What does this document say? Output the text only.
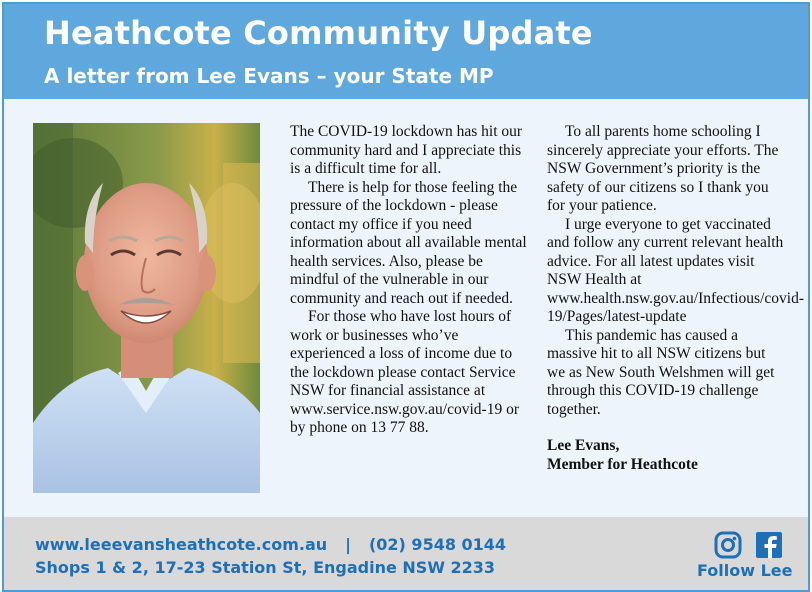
Heathcote Community Update
A letter from Lee Evans – your State MP

The COVID-19 lockdown has hit our community hard and I appreciate this is a difficult time for all.

There is help for those feeling the pressure of the lockdown - please contact my office if you need information about all available mental health services. Also, please be mindful of the vulnerable in our community and reach out if needed.

For those who have lost hours of work or businesses who’ve experienced a loss of income due to the lockdown please contact Service NSW for financial assistance at www.service.nsw.gov.au/covid-19 or by phone on 13 77 88.

To all parents home schooling I sincerely appreciate your efforts. The NSW Government’s priority is the safety of our citizens so I thank you for your patience.

I urge everyone to get vaccinated and follow any current relevant health advice. For all latest updates visit NSW Health at www.health.nsw.gov.au/Infectious/covid-19/Pages/latest-update

This pandemic has caused a massive hit to all NSW citizens but we as New South Welshmen will get through this COVID-19 challenge together.

Lee Evans,
Member for Heathcote
www.leeevansheathcote.com.au | (02) 9548 0144
Shops 1 & 2, 17-23 Station St, Engadine NSW 2233	Follow Lee
